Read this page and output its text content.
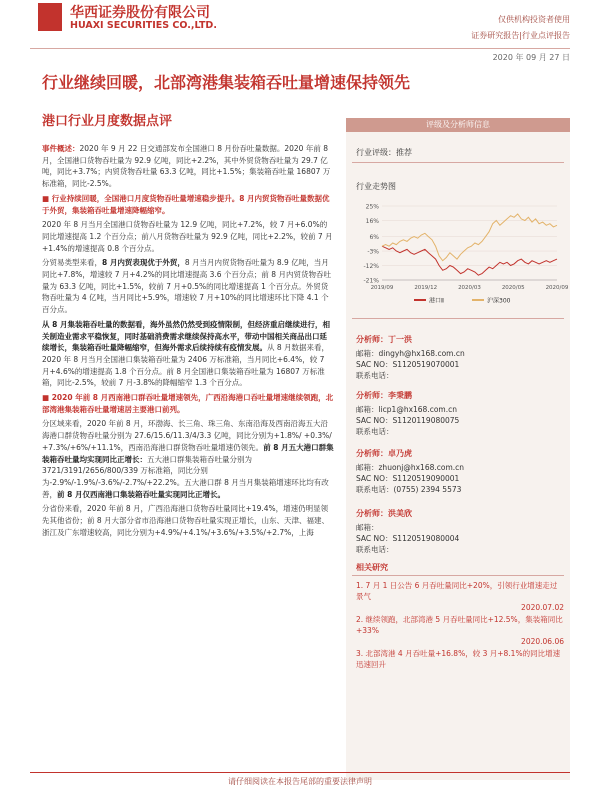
华西证券股份有限公司
HUAXI SECURITIES CO.,LTD.
仅供机构投资者使用
证券研究报告|行业点评报告
2020 年 09 月 27 日
行业继续回暖，北部湾港集装箱吞吐量增速保持领先
港口行业月度数据点评

事件概述：2020 年 9 月 22 日交通部发布全国港口 8 月份吞吐量数据。2020 年前 8 月，全国港口货物吞吐量为 92.9 亿吨，同比+2.2%，其中外贸货物吞吐量为 29.7 亿吨，同比+3.7%；内贸货物吞吐量 63.3 亿吨，同比+1.5%；集装箱吞吐量 16807 万标准箱，同比-2.5%。

■ 行业持续回暖，全国港口月度货物吞吐量增速稳步提升。8 月内贸货物吞吐量数据优于外贸，集装箱吞吐量增速降幅缩窄。

2020 年 8 月当月全国港口货物吞吐量为 12.9 亿吨，同比+7.2%，较 7 月+6.0%的同比增速提高 1.2 个百分点；前八月货物吞吐量为 92.9 亿吨，同比+2.2%，较前 7 月+1.4%的增速提高 0.8 个百分点。

分贸易类型来看，8 月内贸表现优于外贸，8 月当月内贸货物吞吐量为 8.9 亿吨，当月同比+7.8%，增速较 7 月+4.2%的同比增速提高 3.6 个百分点；前 8 月内贸货物吞吐量为 63.3 亿吨，同比+1.5%，较前 7 月+0.5%的同比增速提高 1 个百分点。外贸货物吞吐量为 4 亿吨，当月同比+5.9%，增速较 7 月+10%的同比增速环比下降 4.1 个百分点。

从 8 月集装箱吞吐量的数据看，海外虽然仍然受到疫情限制，但经济重启继续进行，相关制造业需求平稳恢复，同时基础消费需求继续保持高水平，带动中国相关商品出口延续增长，集装箱吞吐量降幅缩窄，但海外需求后续持续有疫情发展。从 8 月数据来看，2020 年 8 月当月全国港口集装箱吞吐量为 2406 万标准箱，当月同比+6.4%，较 7 月+4.6%的增速提高 1.8 个百分点。前 8 月全国港口集装箱吞吐量为 16807 万标准箱，同比-2.5%，较前 7 月-3.8%的降幅缩窄 1.3 个百分点。

■ 2020 年前 8 月西南港口群吞吐量增速领先，广西沿海港口吞吐量增速继续领跑，北部湾港集装箱吞吐量增速居主要港口前列。

分区域来看，2020 年前 8 月，环渤海、长三角、珠三角、东南沿海及西南沿海五大沿海港口群货物吞吐量分别为 27.6/15.6/11.3/4/3.3 亿吨，同比分别为+1.8%/ +0.3%/ +7.3%/+6%/+11.1%，西南沿海港口群货物吞吐量增速仍领先。前 8 月五大港口群集装箱吞吐量均实现同比正增长：五大港口群集装箱吞吐量分别为 3721/3191/2656/800/339 万标准箱，同比分别为-2.9%/-1.9%/-3.6%/-2.7%/+22.2%。五大港口群 8 月当月集装箱增速环比均有改善，前 8 月仅西南港口集装箱吞吐量实现同比正增长。

分省份来看，2020 年前 8 月，广西沿海港口货物吞吐量同比+19.4%，增速仍明显领先其他省份；前 8 月大部分省市沿海港口货物吞吐量实现正增长，山东、天津、福建、浙江及广东增速较高，同比分别为+4.9%/+4.1%/+3.6%/+3.5%/+2.7%，上海

评级及分析师信息
行业评级：推荐
行业走势图
25%
16%
6%
-3%
-12%
-21%
2019/09	2019/12	2020/03	2020/05	2020/09
港口Ⅱ	沪深300
分析师：丁一洪
邮箱：dingyh@hx168.com.cn
SAC NO：S1120519070001
联系电话：
分析师：李秉鹏
邮箱：licp1@hx168.com.cn
SAC NO：S1120119080075
联系电话：
分析师：卓乃虎
邮箱：zhuonj@hx168.com.cn
SAC NO：S1120519090001
联系电话：(0755) 2394 5573
分析师：洪美欣
邮箱：
SAC NO：S1120519080004
联系电话：
相关研究
1. 7 月 1 日公告 6 月吞吐量同比+20%，引领行业增速走过景气
2020.07.02
2. 继续领跑，北部湾港 5 月吞吐量同比+12.5%，集装箱同比+33%
2020.06.06
3. 北部湾港 4 月吞吐量+16.8%，较 3 月+8.1%的同比增速迅速回升
请仔细阅读在本报告尾部的重要法律声明
